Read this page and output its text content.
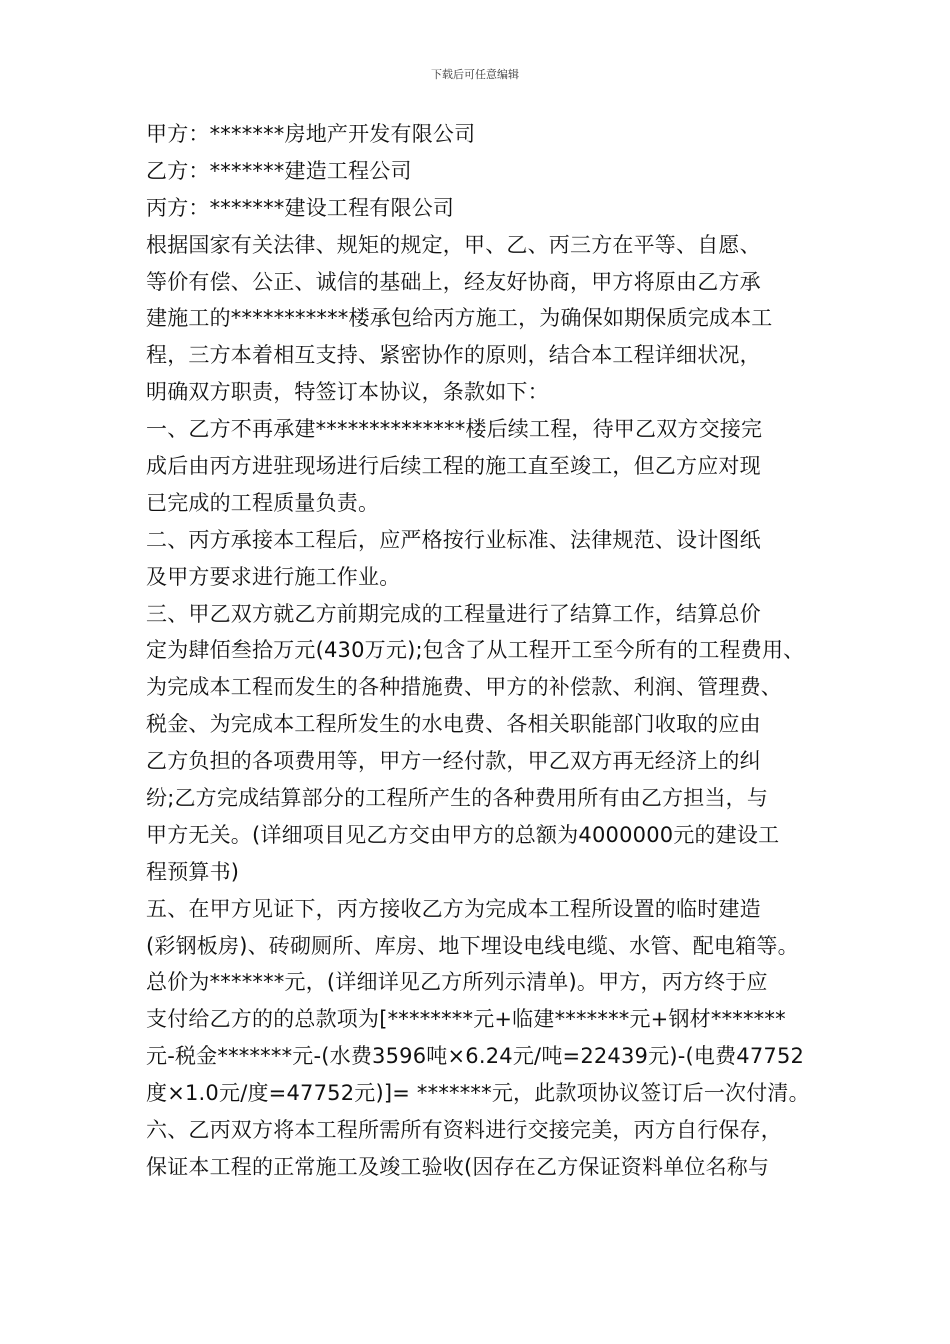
下载后可任意编辑
甲方：*******房地产开发有限公司
乙方：*******建造工程公司
丙方：*******建设工程有限公司
根据国家有关法律、规矩的规定，甲、乙、丙三方在平等、自愿、
等价有偿、公正、诚信的基础上，经友好协商，甲方将原由乙方承
建施工的***********楼承包给丙方施工，为确保如期保质完成本工
程，三方本着相互支持、紧密协作的原则，结合本工程详细状况，
明确双方职责，特签订本协议，条款如下：
一、乙方不再承建**************楼后续工程，待甲乙双方交接完
成后由丙方进驻现场进行后续工程的施工直至竣工，但乙方应对现
已完成的工程质量负责。
二、丙方承接本工程后，应严格按行业标准、法律规范、设计图纸
及甲方要求进行施工作业。
三、甲乙双方就乙方前期完成的工程量进行了结算工作，结算总价
定为肆佰叁拾万元(430万元);包含了从工程开工至今所有的工程费用、
为完成本工程而发生的各种措施费、甲方的补偿款、利润、管理费、
税金、为完成本工程所发生的水电费、各相关职能部门收取的应由
乙方负担的各项费用等，甲方一经付款，甲乙双方再无经济上的纠
纷;乙方完成结算部分的工程所产生的各种费用所有由乙方担当，与
甲方无关。(详细项目见乙方交由甲方的总额为4000000元的建设工
程预算书)
五、在甲方见证下，丙方接收乙方为完成本工程所设置的临时建造
(彩钢板房)、砖砌厕所、库房、地下埋设电线电缆、水管、配电箱等。
总价为*******元，(详细详见乙方所列示清单)。甲方，丙方终于应
支付给乙方的的总款项为[********元+临建*******元+钢材*******
元-税金*******元-(水费3596吨×6.24元/吨=22439元)-(电费47752
度×1.0元/度=47752元)]= *******元，此款项协议签订后一次付清。
六、乙丙双方将本工程所需所有资料进行交接完美，丙方自行保存，
保证本工程的正常施工及竣工验收(因存在乙方保证资料单位名称与
